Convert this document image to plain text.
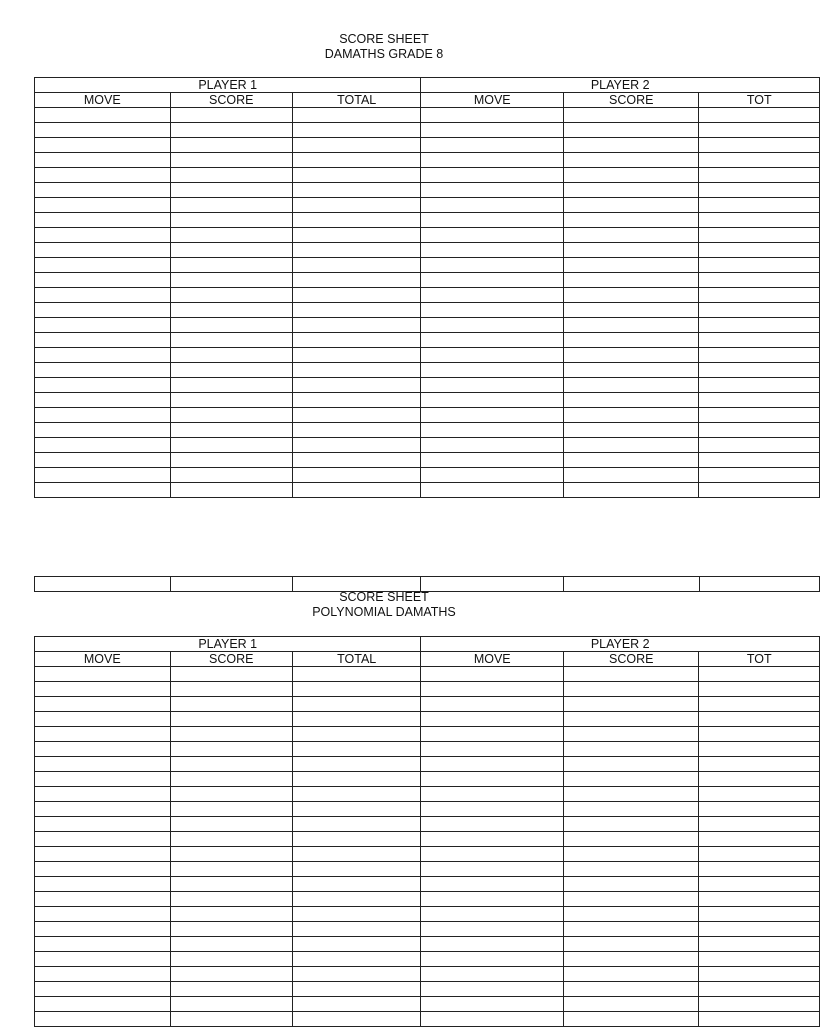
SCORE SHEET
DAMATHS GRADE 8
PLAYER 1			PLAYER 2		
MOVE	SCORE	TOTAL	MOVE	SCORE	TOT

SCORE SHEET
POLYNOMIAL DAMATHS
PLAYER 1			PLAYER 2		
MOVE	SCORE	TOTAL	MOVE	SCORE	TOT
